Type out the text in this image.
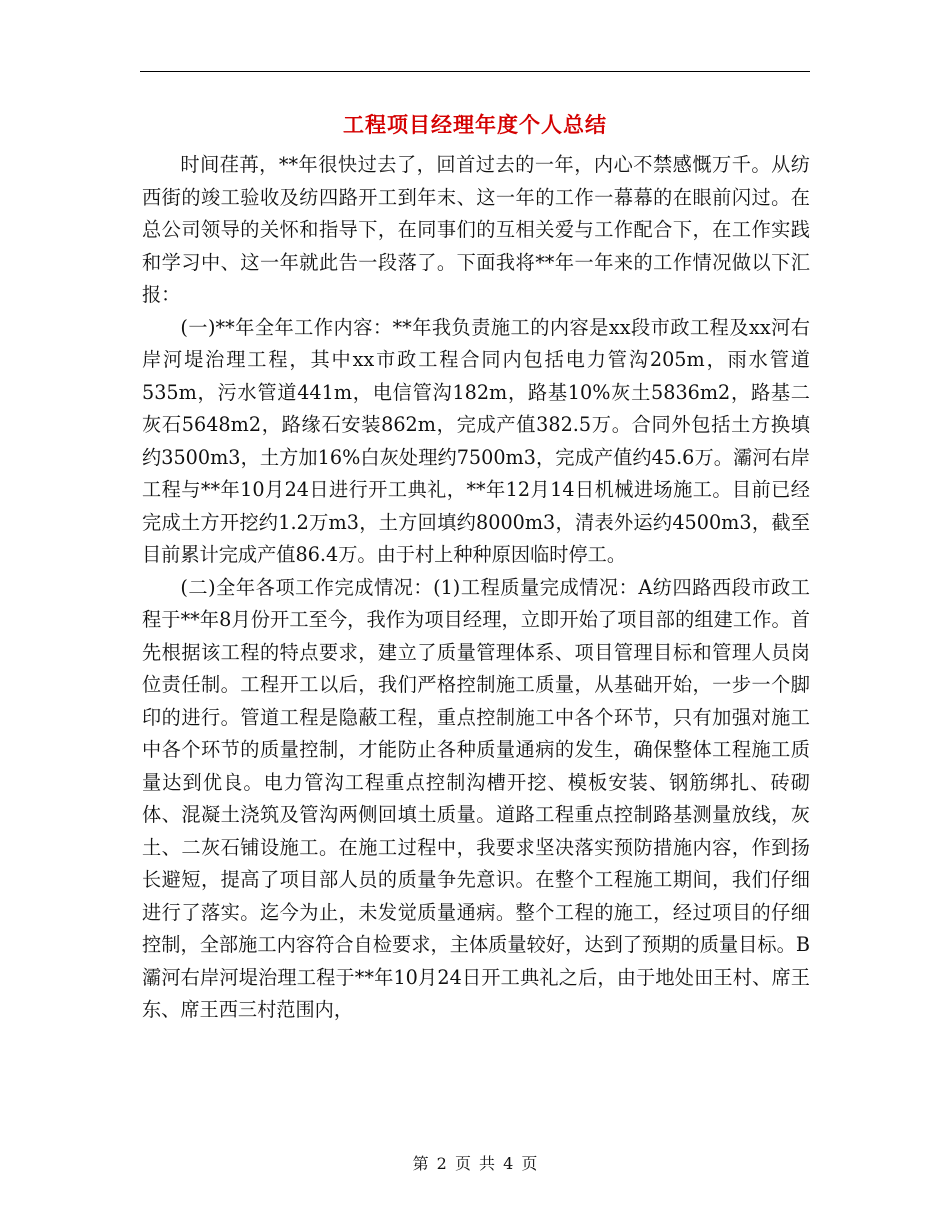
工程项目经理年度个人总结

时间荏苒，**年很快过去了，回首过去的一年，内心不禁感慨万千。从纺西街的竣工验收及纺四路开工到年末、这一年的工作一幕幕的在眼前闪过。在总公司领导的关怀和指导下，在同事们的互相关爱与工作配合下，在工作实践和学习中、这一年就此告一段落了。下面我将**年一年来的工作情况做以下汇报：

(一)**年全年工作内容：**年我负责施工的内容是xx段市政工程及xx河右岸河堤治理工程，其中xx市政工程合同内包括电力管沟205m，雨水管道535m，污水管道441m，电信管沟182m，路基10%灰土5836m2，路基二灰石5648m2，路缘石安装862m，完成产值382.5万。合同外包括土方换填约3500m3，土方加16%白灰处理约7500m3，完成产值约45.6万。灞河右岸工程与**年10月24日进行开工典礼，**年12月14日机械进场施工。目前已经完成土方开挖约1.2万m3，土方回填约8000m3，清表外运约4500m3，截至目前累计完成产值86.4万。由于村上种种原因临时停工。

(二)全年各项工作完成情况：(1)工程质量完成情况：A纺四路西段市政工程于**年8月份开工至今，我作为项目经理，立即开始了项目部的组建工作。首先根据该工程的特点要求，建立了质量管理体系、项目管理目标和管理人员岗位责任制。工程开工以后，我们严格控制施工质量，从基础开始，一步一个脚印的进行。管道工程是隐蔽工程，重点控制施工中各个环节，只有加强对施工中各个环节的质量控制，才能防止各种质量通病的发生，确保整体工程施工质量达到优良。电力管沟工程重点控制沟槽开挖、模板安装、钢筋绑扎、砖砌体、混凝土浇筑及管沟两侧回填土质量。道路工程重点控制路基测量放线，灰土、二灰石铺设施工。在施工过程中，我要求坚决落实预防措施内容，作到扬长避短，提高了项目部人员的质量争先意识。在整个工程施工期间，我们仔细进行了落实。迄今为止，未发觉质量通病。整个工程的施工，经过项目的仔细控制，全部施工内容符合自检要求，主体质量较好，达到了预期的质量目标。B灞河右岸河堤治理工程于**年10月24日开工典礼之后，由于地处田王村、席王东、席王西三村范围内，

第 2 页 共 4 页
